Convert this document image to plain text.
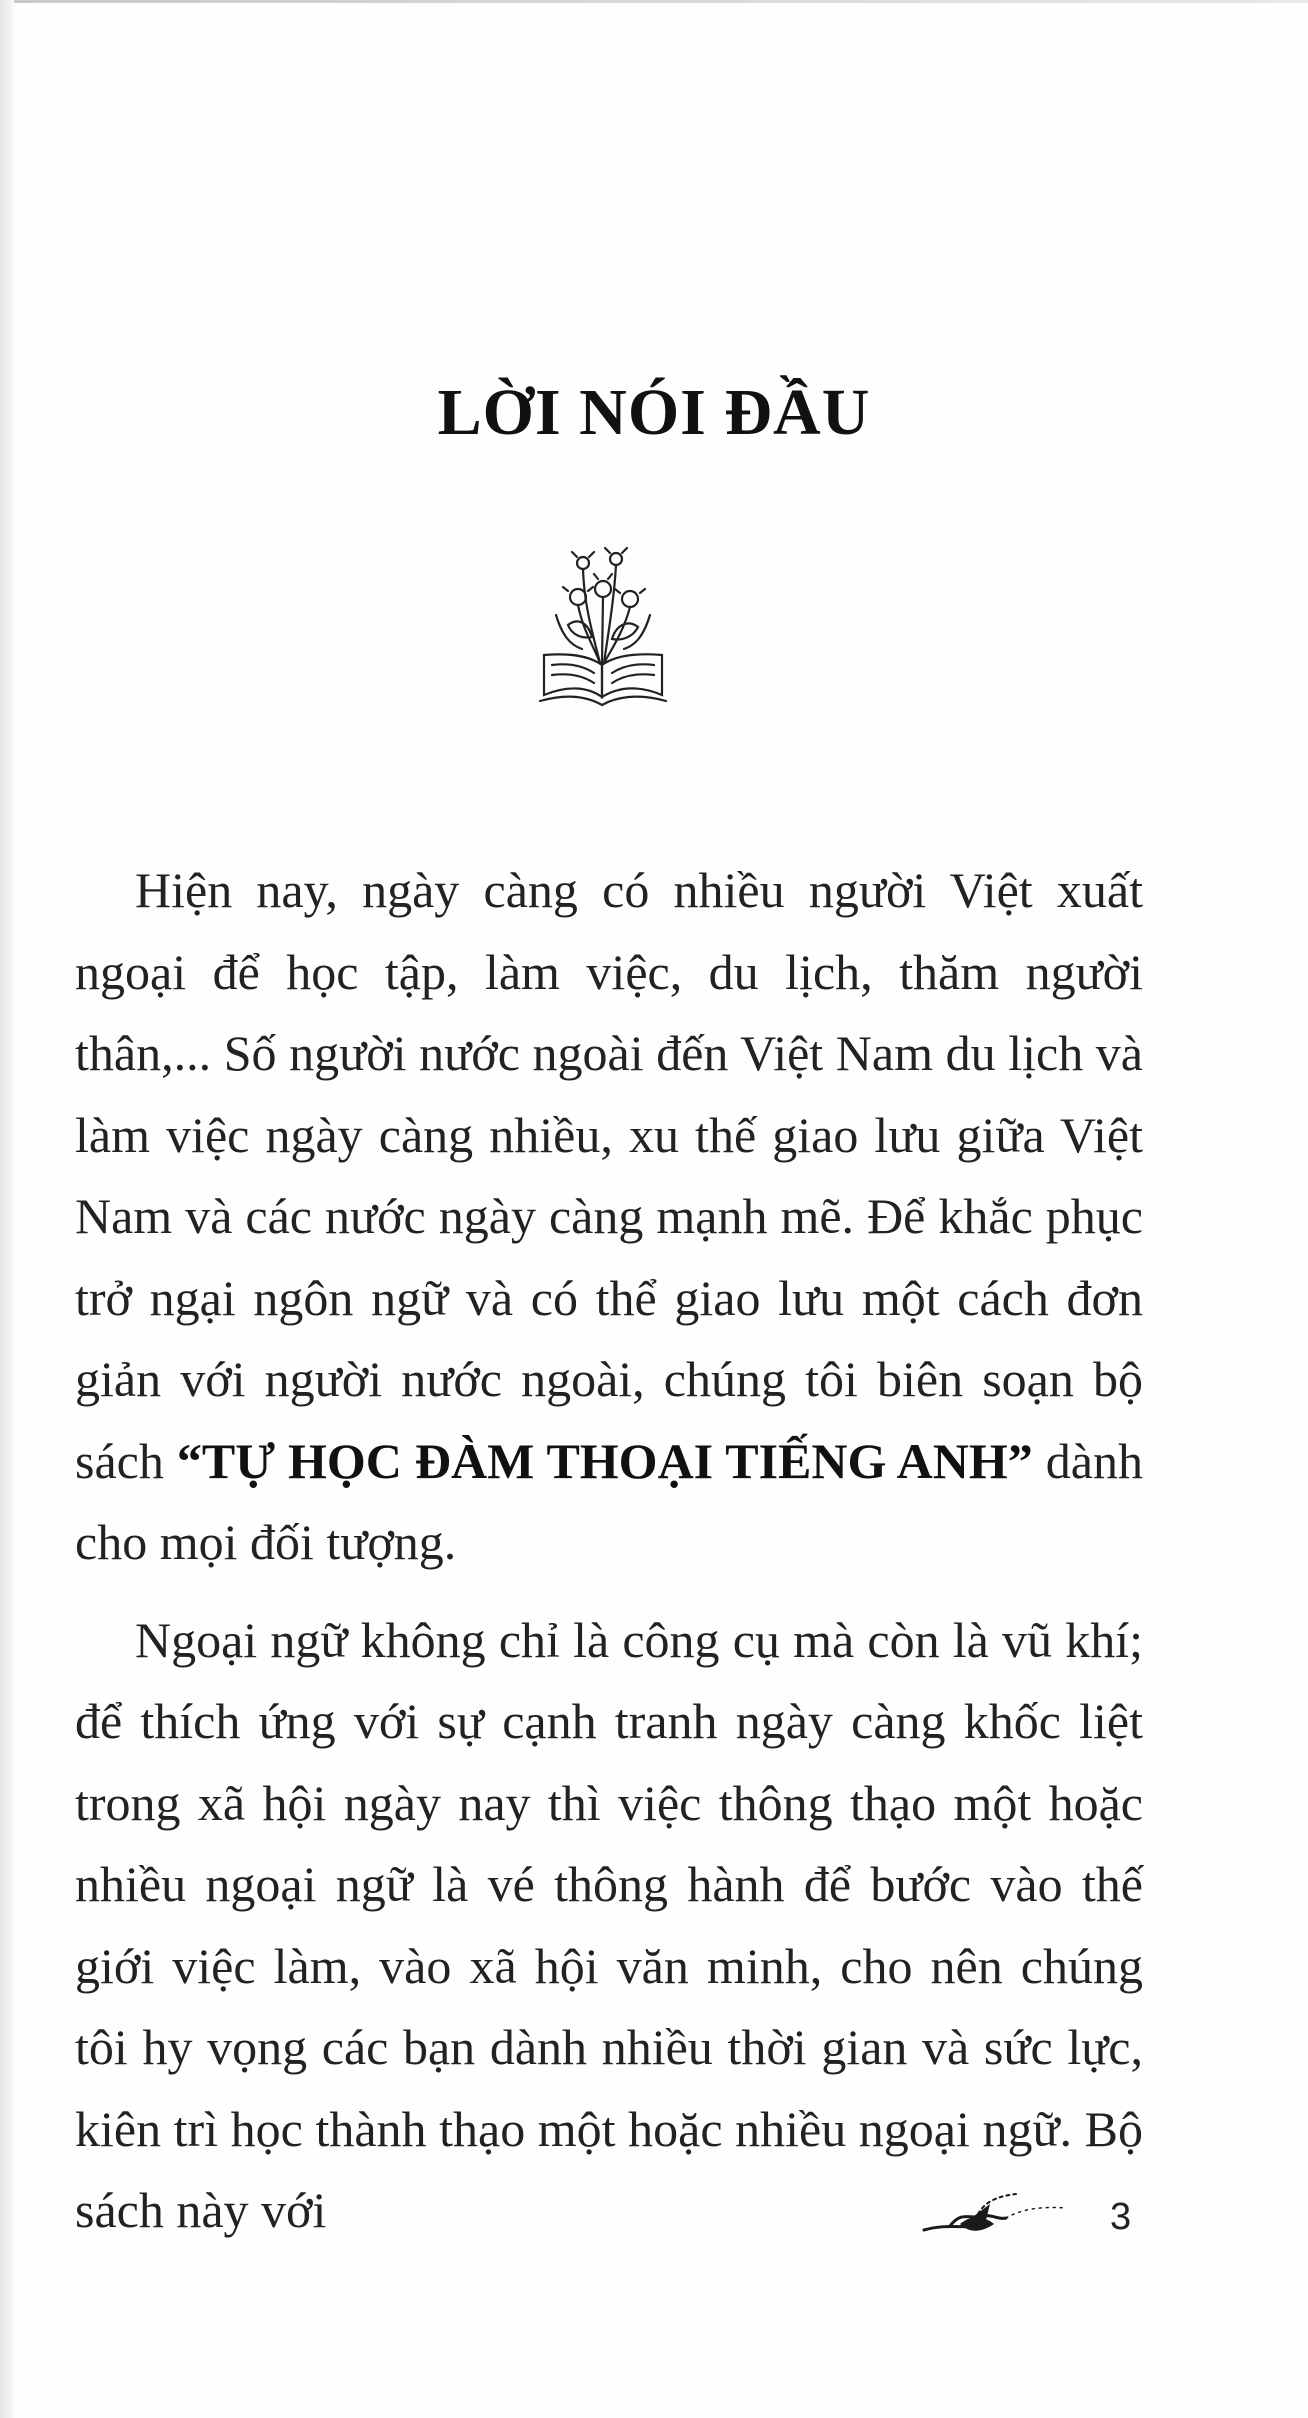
LỜI NÓI ĐẦU

Hiện nay, ngày càng có nhiều người Việt xuất ngoại để học tập, làm việc, du lịch, thăm người thân,... Số người nước ngoài đến Việt Nam du lịch và làm việc ngày càng nhiều, xu thế giao lưu giữa Việt Nam và các nước ngày càng mạnh mẽ. Để khắc phục trở ngại ngôn ngữ và có thể giao lưu một cách đơn giản với người nước ngoài, chúng tôi biên soạn bộ sách “TỰ HỌC ĐÀM THOẠI TIẾNG ANH” dành cho mọi đối tượng.

Ngoại ngữ không chỉ là công cụ mà còn là vũ khí; để thích ứng với sự cạnh tranh ngày càng khốc liệt trong xã hội ngày nay thì việc thông thạo một hoặc nhiều ngoại ngữ là vé thông hành để bước vào thế giới việc làm, vào xã hội văn minh, cho nên chúng tôi hy vọng các bạn dành nhiều thời gian và sức lực, kiên trì học thành thạo một hoặc nhiều ngoại ngữ. Bộ sách này với	3
